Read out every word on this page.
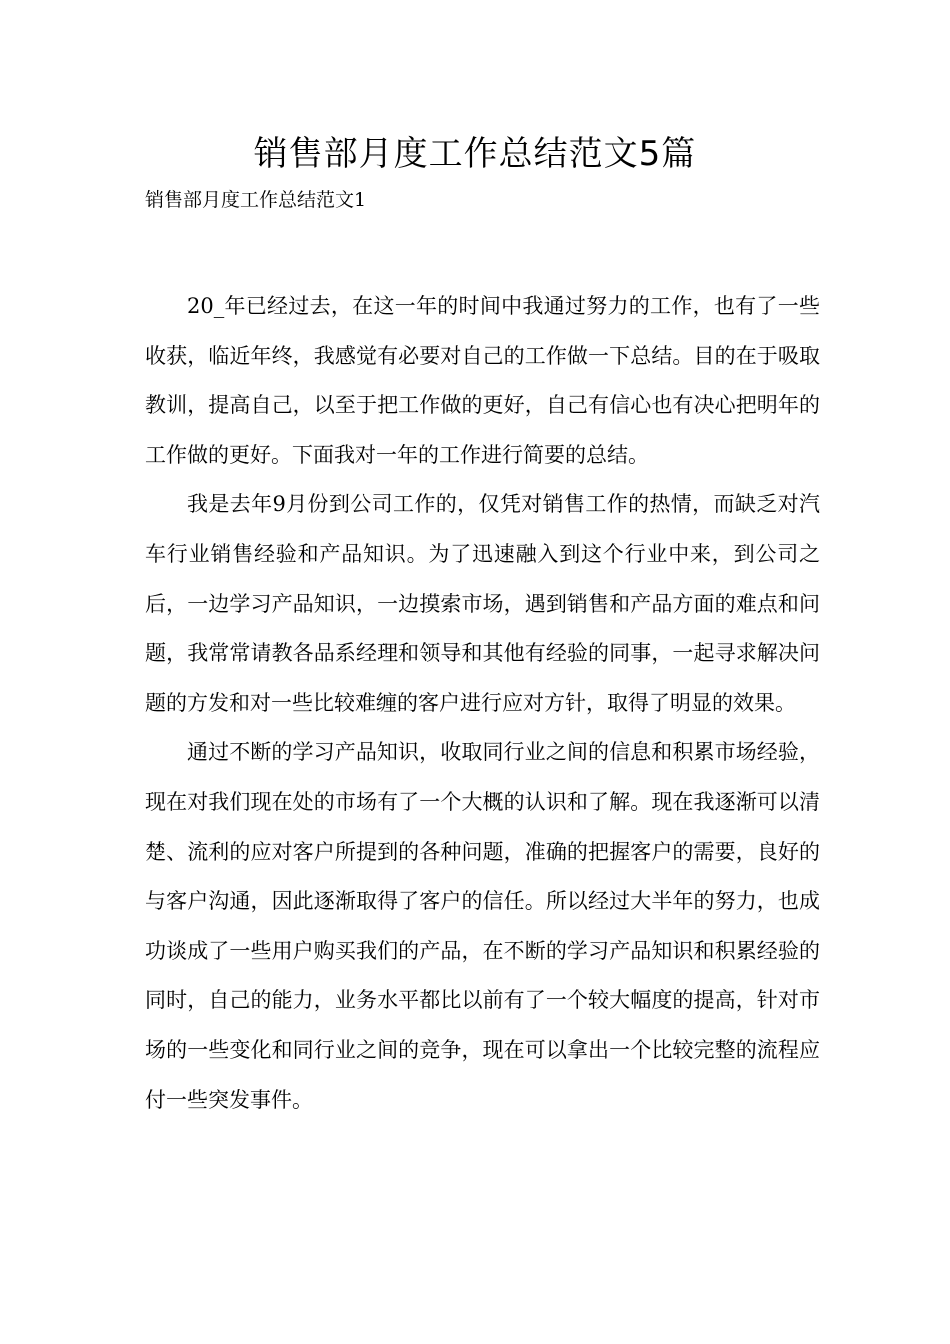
销售部月度工作总结范文5篇

销售部月度工作总结范文1

20_年已经过去，在这一年的时间中我通过努力的工作，也有了一些收获，临近年终，我感觉有必要对自己的工作做一下总结。目的在于吸取教训，提高自己，以至于把工作做的更好，自己有信心也有决心把明年的工作做的更好。下面我对一年的工作进行简要的总结。

我是去年9月份到公司工作的，仅凭对销售工作的热情，而缺乏对汽车行业销售经验和产品知识。为了迅速融入到这个行业中来，到公司之后，一边学习产品知识，一边摸索市场，遇到销售和产品方面的难点和问题，我常常请教各品系经理和领导和其他有经验的同事，一起寻求解决问题的方发和对一些比较难缠的客户进行应对方针，取得了明显的效果。

通过不断的学习产品知识，收取同行业之间的信息和积累市场经验，现在对我们现在处的市场有了一个大概的认识和了解。现在我逐渐可以清楚、流利的应对客户所提到的各种问题，准确的把握客户的需要，良好的与客户沟通，因此逐渐取得了客户的信任。所以经过大半年的努力，也成功谈成了一些用户购买我们的产品，在不断的学习产品知识和积累经验的同时，自己的能力，业务水平都比以前有了一个较大幅度的提高，针对市场的一些变化和同行业之间的竞争，现在可以拿出一个比较完整的流程应付一些突发事件。
